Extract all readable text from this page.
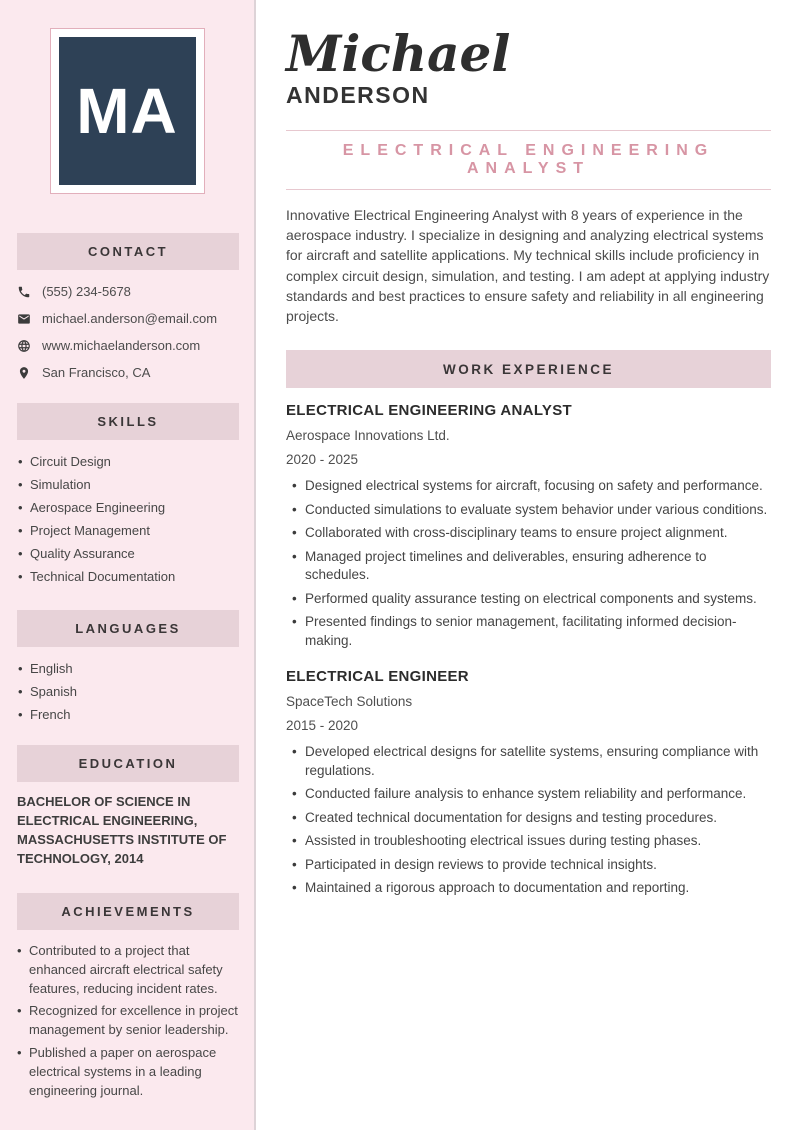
MA
CONTACT
(555) 234-5678
michael.anderson@email.com
www.michaelanderson.com
San Francisco, CA
SKILLS
• Circuit Design
• Simulation
• Aerospace Engineering
• Project Management
• Quality Assurance
• Technical Documentation
LANGUAGES
• English
• Spanish
• French
EDUCATION
BACHELOR OF SCIENCE IN ELECTRICAL ENGINEERING, MASSACHUSETTS INSTITUTE OF TECHNOLOGY, 2014
ACHIEVEMENTS
• Contributed to a project that enhanced aircraft electrical safety features, reducing incident rates.
• Recognized for excellence in project management by senior leadership.
• Published a paper on aerospace electrical systems in a leading engineering journal.
Michael
ANDERSON
ELECTRICAL ENGINEERING ANALYST

Innovative Electrical Engineering Analyst with 8 years of experience in the aerospace industry. I specialize in designing and analyzing electrical systems for aircraft and satellite applications. My technical skills include proficiency in complex circuit design, simulation, and testing. I am adept at applying industry standards and best practices to ensure safety and reliability in all engineering projects.

WORK EXPERIENCE
ELECTRICAL ENGINEERING ANALYST
Aerospace Innovations Ltd.
2020 - 2025
• Designed electrical systems for aircraft, focusing on safety and performance.
• Conducted simulations to evaluate system behavior under various conditions.
• Collaborated with cross-disciplinary teams to ensure project alignment.
• Managed project timelines and deliverables, ensuring adherence to schedules.
• Performed quality assurance testing on electrical components and systems.
• Presented findings to senior management, facilitating informed decision-making.
ELECTRICAL ENGINEER
SpaceTech Solutions
2015 - 2020
• Developed electrical designs for satellite systems, ensuring compliance with regulations.
• Conducted failure analysis to enhance system reliability and performance.
• Created technical documentation for designs and testing procedures.
• Assisted in troubleshooting electrical issues during testing phases.
• Participated in design reviews to provide technical insights.
• Maintained a rigorous approach to documentation and reporting.
